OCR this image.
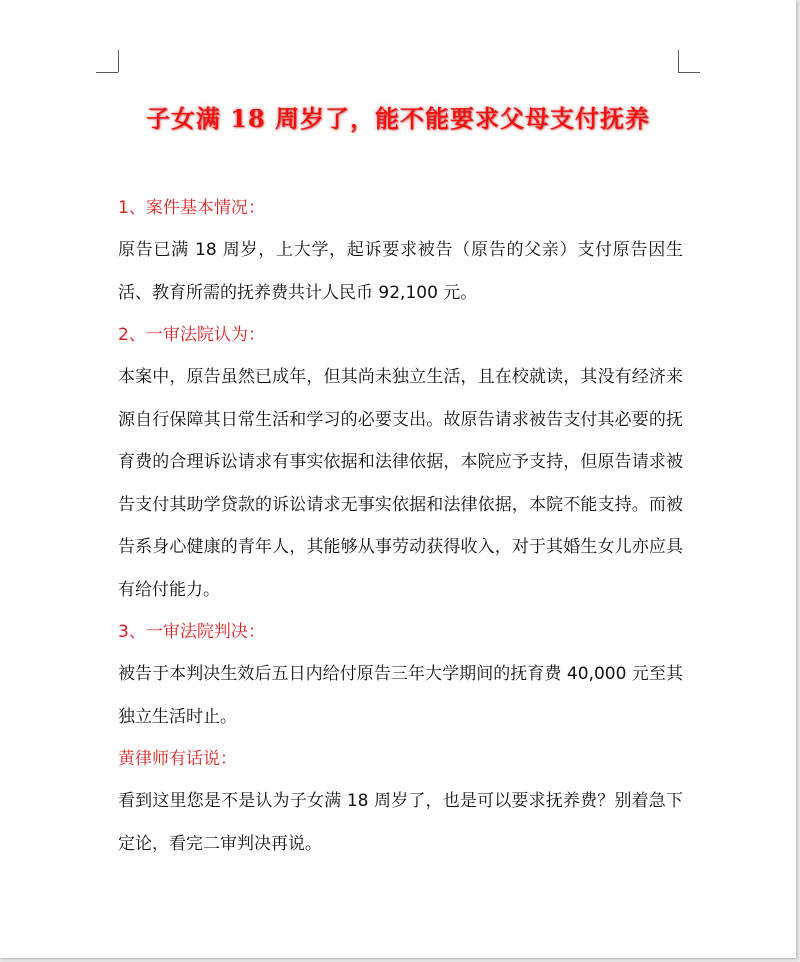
子女满 18 周岁了，能不能要求父母支付抚养

1、案件基本情况：

原告已满 18 周岁，上大学，起诉要求被告（原告的父亲）支付原告因生活、教育所需的抚养费共计人民币 92,100 元。

2、一审法院认为：

本案中，原告虽然已成年，但其尚未独立生活，且在校就读，其没有经济来源自行保障其日常生活和学习的必要支出。故原告请求被告支付其必要的抚育费的合理诉讼请求有事实依据和法律依据，本院应予支持，但原告请求被告支付其助学贷款的诉讼请求无事实依据和法律依据，本院不能支持。而被告系身心健康的青年人，其能够从事劳动获得收入，对于其婚生女儿亦应具有给付能力。

3、一审法院判决：

被告于本判决生效后五日内给付原告三年大学期间的抚育费 40,000 元至其独立生活时止。

黄律师有话说：

看到这里您是不是认为子女满 18 周岁了，也是可以要求抚养费？别着急下定论，看完二审判决再说。
